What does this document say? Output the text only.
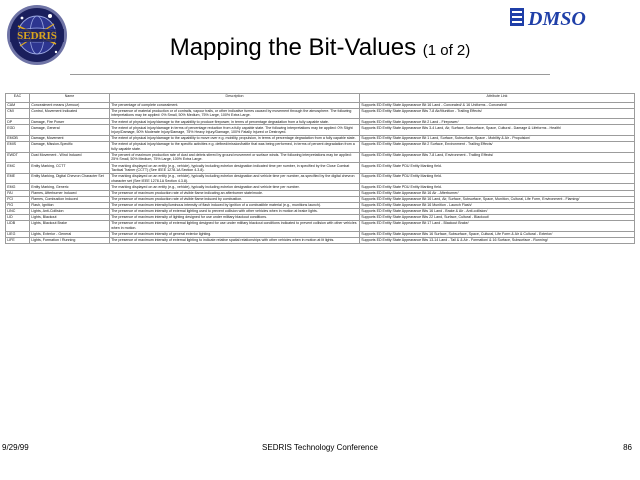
SEDRIS
DMSO
Mapping the Bit-Values (1 of 2)
EAC	Name	Description	Attribute Link
CAM	Concealment means (Armour)	The percentage of complete concealment.	Supports ED Entity State Appearance Bit 16 Land - Concealed/ & 16 Uniforms - Concealed/
CMI	Control, Movement Indicated	The presence of material production or of contrails, vapour trails, or other indicative fumes caused by movement through the atmosphere. The following interpretations may be applied: 0% Small, 50% Medium, 75% Large, 100% Extra Large.	Supports ED Entity State Appearance Bits 7-8 Air/Munition - Trailing Effects/
DP	Damage, Fire Power	The extent of physical injury/damage to the capability to produce firepower, in terms of percentage degradation from a fully capable state.	Supports ED Entity State Appearance Bit 2 Land - Firepower/
EGD	Damage, General	The extent of physical injury/damage in terms of percentage reduction from a fully capable state. The following interpretations may be applied: 0% Slight Injury/Damage, 50% Moderate Injury/Damage, 75% Heavy Injury/Damage, 100% Fatally Injured or Destroyed.	Supports ED Entity State Appearance Bits 3-4 Land, Air, Surface, Subsurface, Space, Cultural - Damage & Lifeforms - Health/
EMOB	Damage, Movement	The extent of physical injury/damage to the capability to move over e.g. mobility, propulsion, in terms of percentage degradation from a fully capable state.	Supports ED Entity State Appearance Bit 1 Land, Surface, Subsurface, Space - Mobility & Air - Propulsion/
EMIS	Damage, Mission-Specific	The extent of physical injury/damage to the specific activities e.g. defined/mission/battle that was being performed, in terms of percent degradation from a fully capable state.	Supports ED Entity State Appearance Bit 2 Surface, Environment - Trailing Effects/
EWDT	Dust Movement - Wind Induced	The percent of maximum production rate of dust and debris stirred by ground movement or surface winds. The following interpretations may be applied: 25% Small, 50% Medium, 75% Large, 100% Extra Large.	Supports ED Entity State Appearance Bits 7-8 Land, Environment - Trailing Effects/
EMC	Entity Marking, CCTT	The marking displayed on an entity (e.g., vehicle), typically including echelon designation indicated time per number, in specified by the Close Combat Tactical Trainer (CCTT) (See IEEE 1278.1A Section 4.3.8).	Supports ED Entity State PDU Entity Marking field.
EME	Entity Marking, Digital Chevron Character Set	The marking displayed on an entity (e.g., vehicle), typically including echelon designation and vehicle time per number, as specified by the digital chevron character set (See IEEE 1278.1A Section 4.3.8).	Supports ED Entity State PDU Entity Marking field.
EMG	Entity Marking, Generic	The marking displayed on an entity (e.g., vehicle), typically including echelon designation and vehicle time per number.	Supports ED Entity State PDU Entity Marking field.
FAI	Flames, Afterburner Induced	The presence of maximum production rate of visible flame indicating an afterburner state/mode.	Supports ED Entity State Appearance Bit 16 Air - Afterburner/
FCI	Flames, Combustion Induced	The presence of maximum production rate of visible flame induced by combustion.	Supports ED Entity State Appearance Bit 16 Land, Air, Surface, Subsurface, Space, Munition, Cultural, Life Form, Environment - Flaming/
FIG	Flash, Ignition	The presence of maximum intensity/luminous intensity of flash induced by ignition of a combustible material (e.g., munitions launch).	Supports ED Entity State Appearance Bit 16 Munition - Launch Flash/
LINC	Lights, Anti-Collision	The presence of maximum intensity of external lighting used to prevent collision with other vehicles when in motion at brake lights.	Supports ED Entity State Appearance Bits 16 Land - Brake & Air - Anti-collision/
LID	Lights, Blackout	The presence of maximum intensity of lighting designed for use under military blackout conditions.	Supports ED Entity State Appearance Bits 22 Land, Surface, Cultural - Blackout/
LIDB	Lights, Blackout Brake	The presence of maximum intensity of external lighting designed for use under military blackout conditions indicated to prevent collision with other vehicles when in motion.	Supports ED Entity State Appearance Bit 17 Land - Blackout Brake/
LIEG	Lights, Exterior - General	The presence of maximum intensity of general exterior lighting.	Supports ED Entity State Appearance Bits 16 Surface, Subsurface, Space, Cultural, Life Form & Air & Cultural - Exterior/
LIFE	Lights, Formation / Running	The presence of maximum intensity of external lighting to indicate relative spatial relationships with other vehicles when in motion at lit lights.	Supports ED Entity State Appearance Bits 13-14 Land - Tail & & Air - Formation/ & 16 Surface, Subsurface - Running/
9/29/99	SEDRIS Technology Conference	86
